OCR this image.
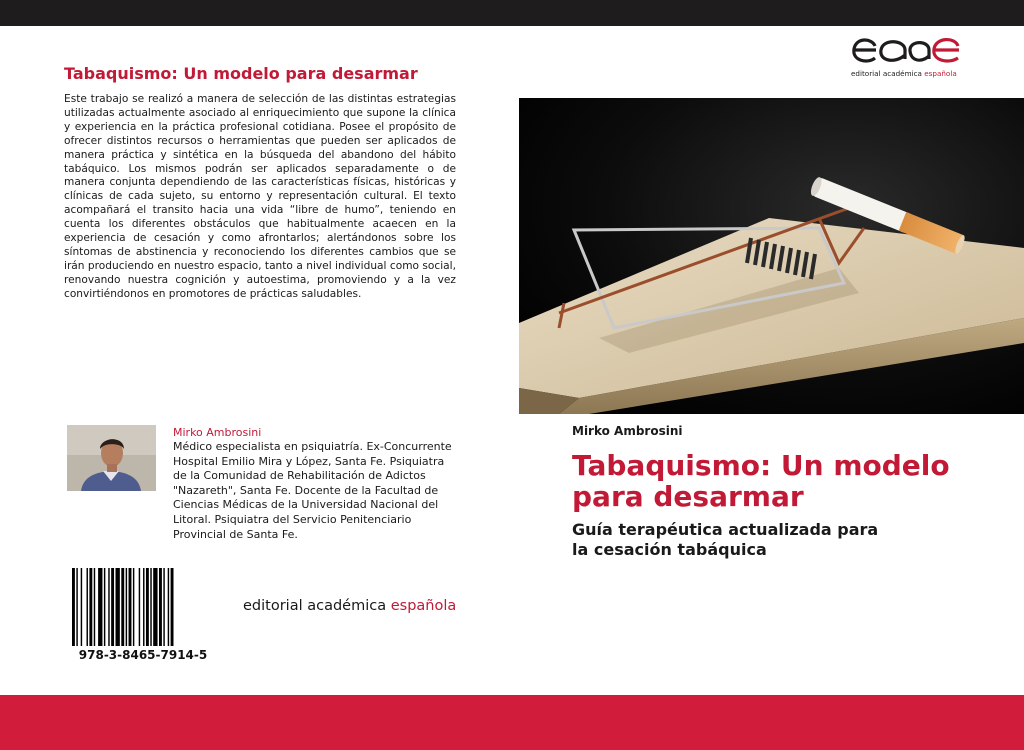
Tabaquismo: Un modelo para desarmar

Este trabajo se realizó a manera de selección de las distintas estrategias utilizadas actualmente asociado al enriquecimiento que supone la clínica y experiencia en la práctica profesional cotidiana. Posee el propósito de ofrecer distintos recursos o herramientas que pueden ser aplicados de manera práctica y sintética en la búsqueda del abandono del hábito tabáquico. Los mismos podrán ser aplicados separadamente o de manera conjunta dependiendo de las características físicas, históricas y clínicas de cada sujeto, su entorno y representación cultural. El texto acompañará el transito hacia una vida “libre de humo”, teniendo en cuenta los diferentes obstáculos que habitualmente acaecen en la experiencia de cesación y como afrontarlos; alertándonos sobre los síntomas de abstinencia y reconociendo los diferentes cambios que se irán produciendo en nuestro espacio, tanto a nivel individual como social, renovando nuestra cognición y autoestima, promoviendo y a la vez convirtiéndonos en promotores de prácticas saludables.

Mirko Ambrosini

Médico especialista en psiquiatría. Ex-Concurrente Hospital Emilio Mira y López, Santa Fe. Psiquiatra de la Comunidad de Rehabilitación de Adictos "Nazareth", Santa Fe. Docente de la Facultad de Ciencias Médicas de la Universidad Nacional del Litoral. Psiquiatra del Servicio Penitenciario Provincial de Santa Fe.

978-3-8465-7914-5
editorial académica española
editorial académica española
Mirko Ambrosini
Tabaquismo: Un modelo para desarmar

Guía terapéutica actualizada para la cesación tabáquica
